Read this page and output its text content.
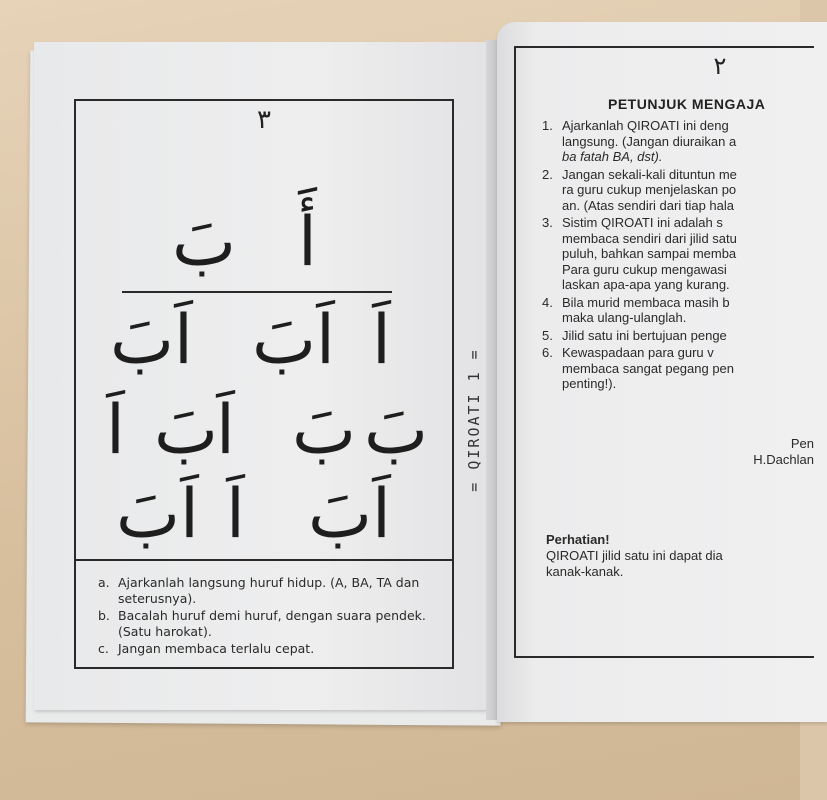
٣
أَ
بَ
اَ
اَبَ
اَبَ
بَ
بَ
اَ
بَ
اَ
اَبَ
اَ
اَبَ
a. Ajarkanlah langsung huruf hidup. (A, BA, TA dan seterusnya).
b. Bacalah huruf demi huruf, dengan suara pendek. (Satu harokat).
c. Jangan membaca terlalu cepat.
= QIROATI 1 =
٢
PETUNJUK MENGAJA
1. Ajarkanlah QIROATI ini deng
langsung. (Jangan diuraikan a
ba fatah BA, dst).
2. Jangan sekali-kali dituntun me
ra guru cukup menjelaskan po
an. (Atas sendiri dari tiap hala
3. Sistim QIROATI ini adalah s
membaca sendiri dari jilid satu
puluh, bahkan sampai memba
Para guru cukup mengawasi
laskan apa-apa yang kurang.
4. Bila murid membaca masih b
maka ulang-ulanglah.
5. Jilid satu ini bertujuan penge
6. Kewaspadaan para guru v
membaca sangat pegang pen
penting!).
Pen
H.Dachlan
Perhatian!
QIROATI jilid satu ini dapat dia
kanak-kanak.
